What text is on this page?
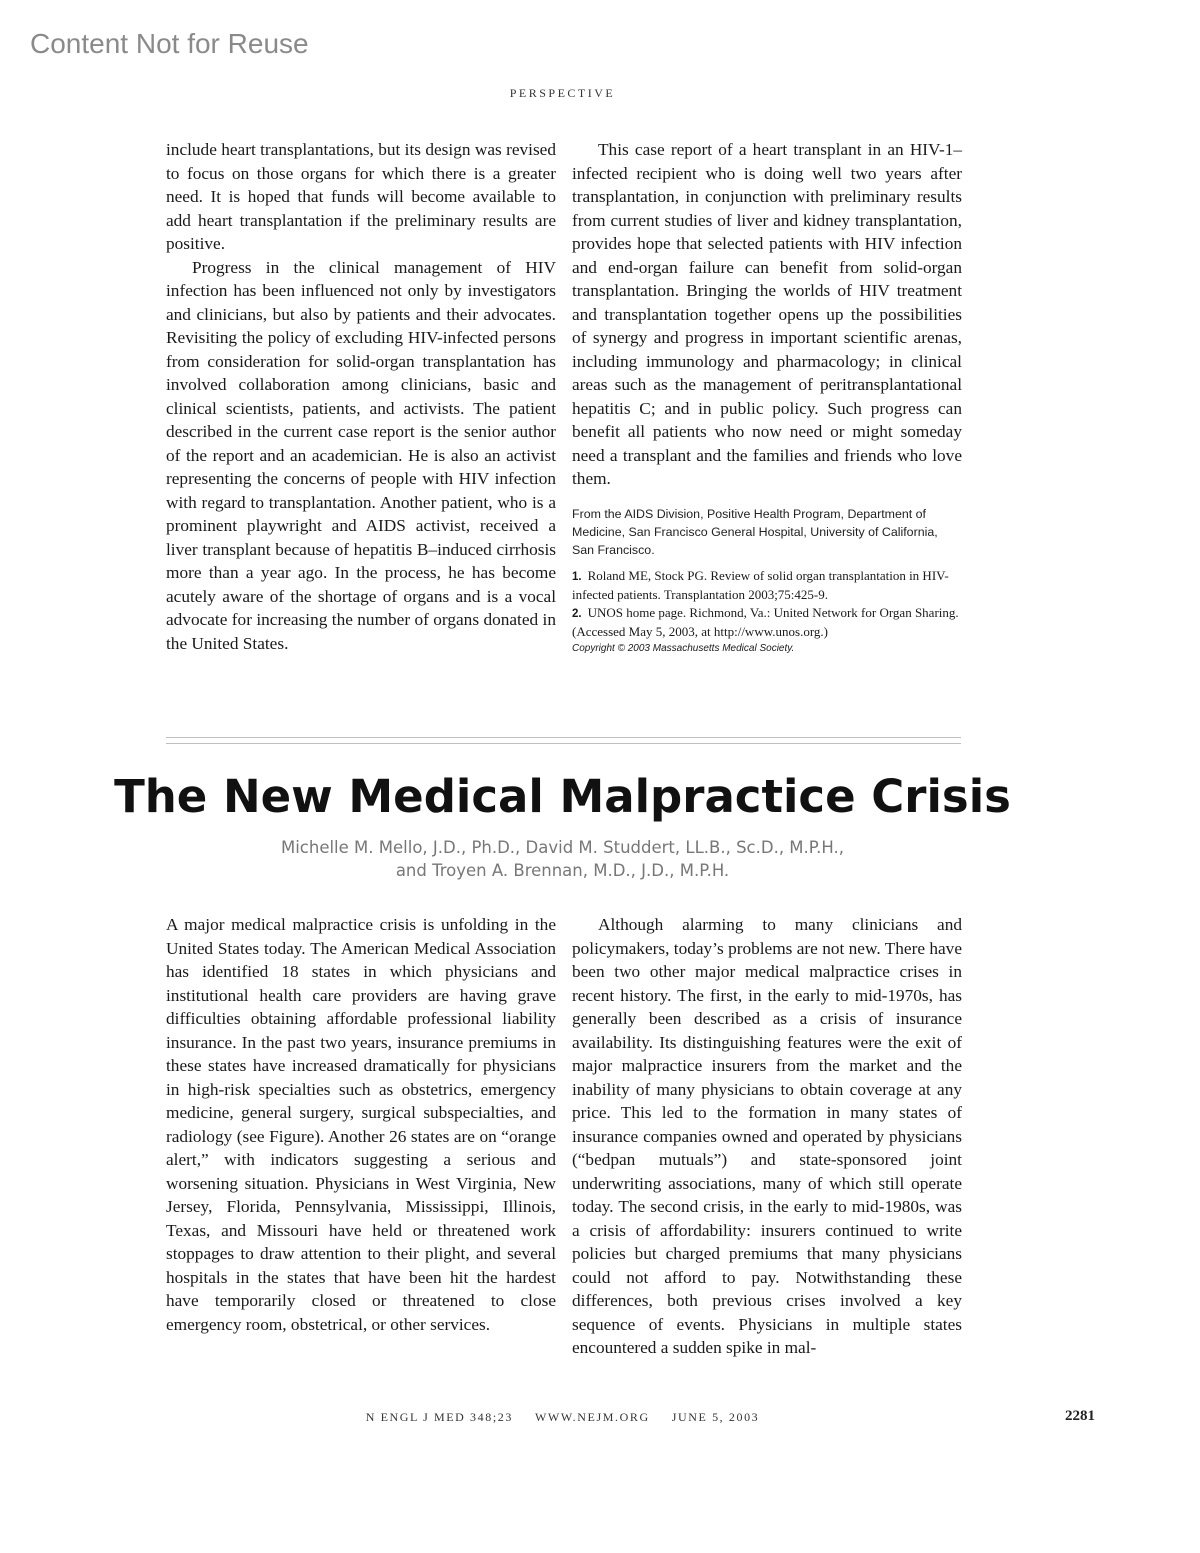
Content Not for Reuse
PERSPECTIVE

include heart transplantations, but its design was revised to focus on those organs for which there is a greater need. It is hoped that funds will become available to add heart transplantation if the preliminary results are positive.

Progress in the clinical management of HIV infection has been influenced not only by investigators and clinicians, but also by patients and their advocates. Revisiting the policy of excluding HIV-infected persons from consideration for solid-organ transplantation has involved collaboration among clinicians, basic and clinical scientists, patients, and activists. The patient described in the current case report is the senior author of the report and an academician. He is also an activist representing the concerns of people with HIV infection with regard to transplantation. Another patient, who is a prominent playwright and AIDS activist, received a liver transplant because of hepatitis B–induced cirrhosis more than a year ago. In the process, he has become acutely aware of the shortage of organs and is a vocal advocate for increasing the number of organs donated in the United States.

This case report of a heart transplant in an HIV-1–infected recipient who is doing well two years after transplantation, in conjunction with preliminary results from current studies of liver and kidney transplantation, provides hope that selected patients with HIV infection and end-organ failure can benefit from solid-organ transplantation. Bringing the worlds of HIV treatment and transplantation together opens up the possibilities of synergy and progress in important scientific arenas, including immunology and pharmacology; in clinical areas such as the management of peritransplantational hepatitis C; and in public policy. Such progress can benefit all patients who now need or might someday need a transplant and the families and friends who love them.

From the AIDS Division, Positive Health Program, Department of Medicine, San Francisco General Hospital, University of California, San Francisco.

1. Roland ME, Stock PG. Review of solid organ transplantation in HIV-infected patients. Transplantation 2003;75:425-9.

2. UNOS home page. Richmond, Va.: United Network for Organ Sharing. (Accessed May 5, 2003, at http://www.unos.org.)

Copyright © 2003 Massachusetts Medical Society.

The New Medical Malpractice Crisis
Michelle M. Mello, J.D., Ph.D., David M. Studdert, LL.B., Sc.D., M.P.H.,
and Troyen A. Brennan, M.D., J.D., M.P.H.

A major medical malpractice crisis is unfolding in the United States today. The American Medical Association has identified 18 states in which physicians and institutional health care providers are having grave difficulties obtaining affordable professional liability insurance. In the past two years, insurance premiums in these states have increased dramatically for physicians in high-risk specialties such as obstetrics, emergency medicine, general surgery, surgical subspecialties, and radiology (see Figure). Another 26 states are on “orange alert,” with indicators suggesting a serious and worsening situation. Physicians in West Virginia, New Jersey, Florida, Pennsylvania, Mississippi, Illinois, Texas, and Missouri have held or threatened work stoppages to draw attention to their plight, and several hospitals in the states that have been hit the hardest have temporarily closed or threatened to close emergency room, obstetrical, or other services.

Although alarming to many clinicians and policymakers, today’s problems are not new. There have been two other major medical malpractice crises in recent history. The first, in the early to mid-1970s, has generally been described as a crisis of insurance availability. Its distinguishing features were the exit of major malpractice insurers from the market and the inability of many physicians to obtain coverage at any price. This led to the formation in many states of insurance companies owned and operated by physicians (“bedpan mutuals”) and state-sponsored joint underwriting associations, many of which still operate today. The second crisis, in the early to mid-1980s, was a crisis of affordability: insurers continued to write policies but charged premiums that many physicians could not afford to pay. Notwithstanding these differences, both previous crises involved a key sequence of events. Physicians in multiple states encountered a sudden spike in mal-

N ENGL J MED 348;23 WWW.NEJM.ORG JUNE 5, 2003	2281
